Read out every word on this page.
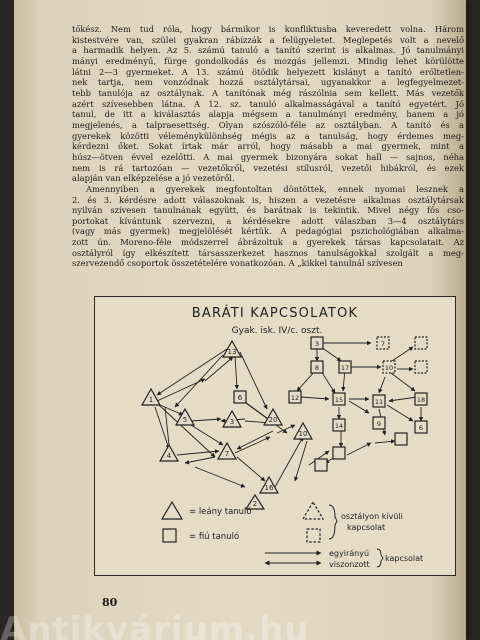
tőkész. Nem tud róla, hogy bármikor is konfliktusba keveredett volna. Három
kistestvére van, szülei gyakran rábízzák a felügyeletet. Meglepetés volt a nevelő
a harmadik helyen. Az 5. számú tanuló a tanító szerint is alkalmas. Jó tanulmányi
mányi eredményű, fürge gondolkodás és mozgás jellemzi. Mindig lehet körülötte
látni 2—3 gyermeket. A 13. számú ötödik helyezett kislányt a tanító erőltetlen-
nek tartja, nem vonzódnak hozzá osztálytársai, ugyanakkor a legfegyelmezet-
tebb tanulója az osztálynak. A tanítónak még rászólnia sem kellett. Más vezetők
azért szívesebben látna. A 12. sz. tanuló alkalmasságával a tanító egyetért. Jó
tanul, de itt a kiválasztás alapja mégsem a tanulmányi eredmény, hanem a jó
megjelenés, a talpraesettség. Olyan szószóló-féle az osztályban. A tanító és a
gyerekek közötti véleménykülönbség mégis az a tanulság, hogy érdemes meg-
kérdezni őket. Sokat írtak már arról, hogy másabb a mai gyermek, mint a
húsz—ötven évvel ezelőtti. A mai gyermek bizonyára sokat hall — sajnos, néha
nem is rá tartozóan — vezetőkről, vezetési stílusról, vezetői hibákról, és ezek
alapján van elképzelése a jó vezetőről.
Amennyiben a gyerekek megfontoltan döntöttek, ennek nyomai lesznek a
2. és 3. kérdésre adott válaszoknak is, hiszen a vezetésre alkalmas osztálytársak
nyilván szívesen tanulnának együtt, és barátnak is tekintik. Mivel négy fős cso-
portokat kívántunk szervezni, a kérdésekre adott válaszban 3—4 osztálytárs
(vagy más gyermek) megjelölését kértük. A pedagógiai pszichológiában alkalma-
zott ún. Moreno-féle módszerrel ábrázoltuk a gyerekek társas kapcsolatait. Az
osztályról így elkészített társasszerkezet hasznos tanulságokkal szolgált a meg-
szervezendő csoportok összetételére vonatkozóan. A „kikkel tanulnál szívesen
BARÁTI KAPCSOLATOK
Gyak. isk. IV/c. oszt.
13
1	6
5	20
3
4	7
10
16
2
3
8	17
12	15	11
14	9	6
18
7
10
= leány tanuló
= fiú tanuló
osztályon kívüli
kapcsolat
egyirányú
viszonzott
kapcsolat
80
Antikvárium.hu
